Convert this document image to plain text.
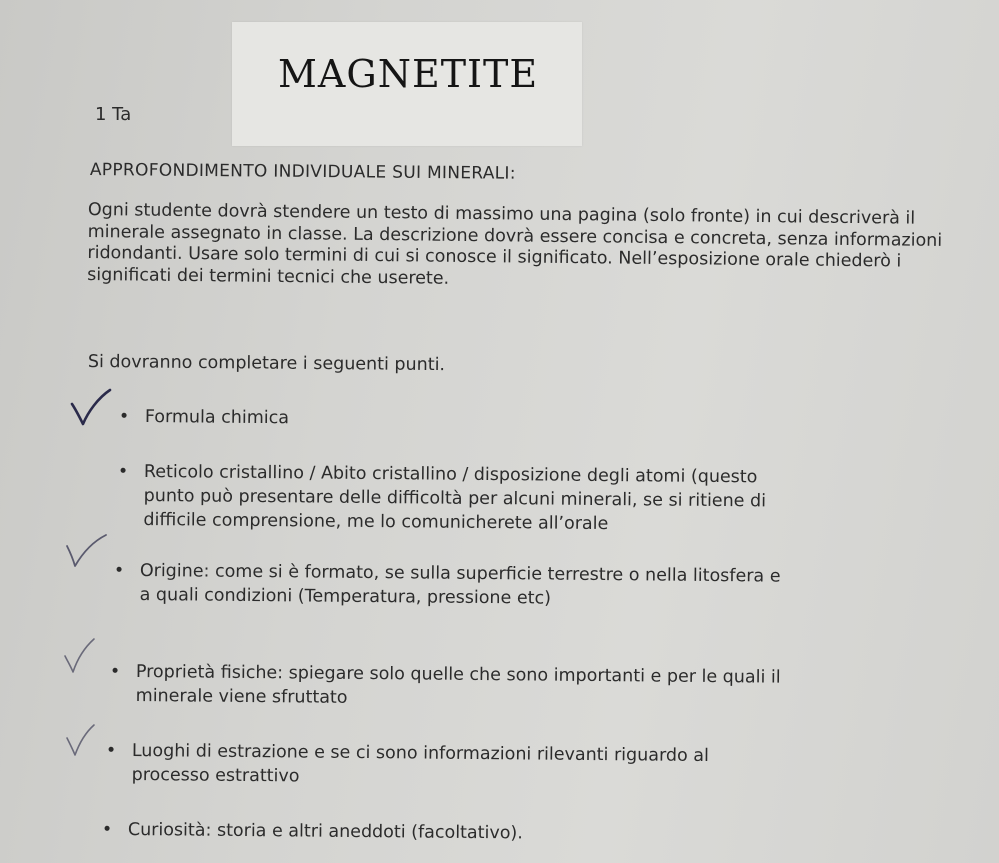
MAGNETITE
1 Ta
APPROFONDIMENTO INDIVIDUALE SUI MINERALI:

Ogni studente dovrà stendere un testo di massimo una pagina (solo fronte) in cui descriverà il minerale assegnato in classe. La descrizione dovrà essere concisa e concreta, senza informazioni ridondanti. Usare solo termini di cui si conosce il significato. Nell’esposizione orale chiederò i significati dei termini tecnici che userete.

Si dovranno completare i seguenti punti.
• Formula chimica
• Reticolo cristallino / Abito cristallino / disposizione degli atomi (questo
punto può presentare delle difficoltà per alcuni minerali, se si ritiene di
difficile comprensione, me lo comunicherete all’orale
• Origine: come si è formato, se sulla superficie terrestre o nella litosfera e
a quali condizioni (Temperatura, pressione etc)
• Proprietà fisiche: spiegare solo quelle che sono importanti e per le quali il
minerale viene sfruttato
• Luoghi di estrazione e se ci sono informazioni rilevanti riguardo al
processo estrattivo
• Curiosità: storia e altri aneddoti (facoltativo).
